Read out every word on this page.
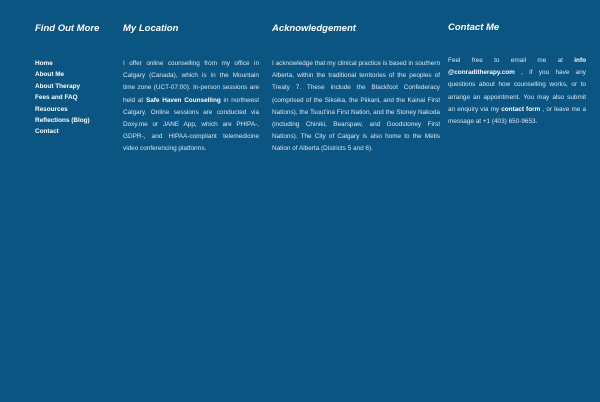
Find Out More
Home
About Me
About Therapy
Fees and FAQ
Resources
Reflections (Blog)
Contact
My Location

I offer online counselling from my office in Calgary (Canada), which is in the Mountain time zone (UCT-07:00). In-person sessions are held at Safe Haven Counselling in northwest Calgary. Online sessions are conducted via Doxy.me or JANE App, which are PHIPA-, GDPR-, and HIPAA-compliant telemedicine video conferencing platforms.

Acknowledgement

I acknowledge that my clinical practice is based in southern Alberta, within the traditional territories of the peoples of Treaty 7. These include the Blackfoot Confederacy (comprised of the Siksika, the Piikani, and the Kainai First Nations), the Tsuut'ina First Nation, and the Stoney Nakoda (including Chiniki, Bearspaw, and Goodstoney First Nations). The City of Calgary is also home to the Métis Nation of Alberta (Districts 5 and 6).

Contact Me

Feel free to email me at info @conraditherapy.com , if you have any questions about how counselling works, or to arrange an appointment. You may also submit an enquiry via my contact form , or leave me a message at +1 (403) 650-9653.
